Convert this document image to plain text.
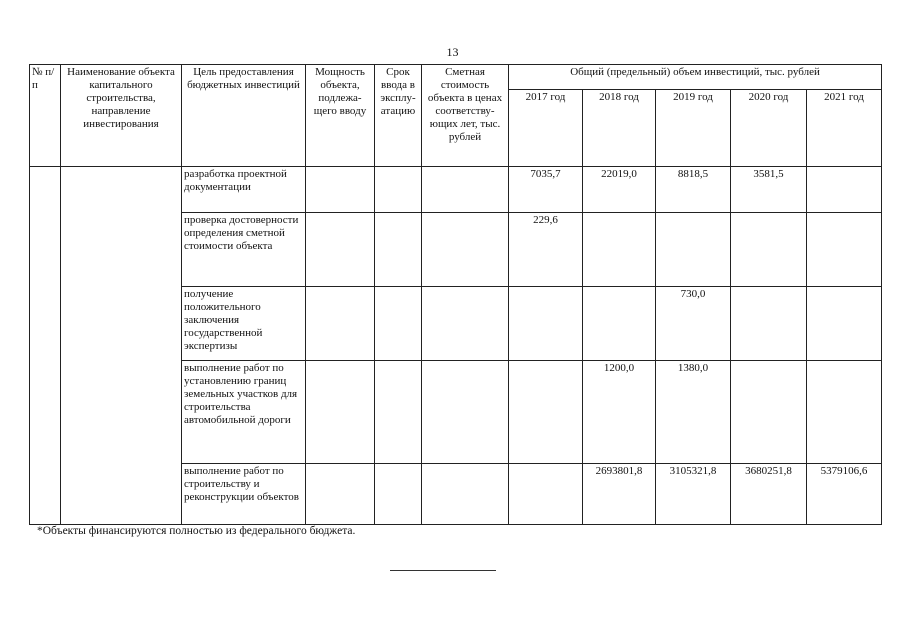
13
№ п/п	Наименование объекта капитального строительства, направление инвестирования	Цель предоставления бюджетных инвестиций	Мощность объекта, подлежа-щего вводу	Срок ввода в эксплу-атацию	Сметная стоимость объекта в ценах соответству-ющих лет, тыс. рублей	Общий (предельный) объем инвестиций, тыс. рублей				
						2017 год	2018 год	2019 год	2020 год	2021 год
		разработка проектной документации				7035,7	22019,0	8818,5	3581,5	
		проверка достоверности определения сметной стоимости объекта				229,6				
		получение положительного заключения государственной экспертизы						730,0		
		выполнение работ по установлению границ земельных участков для строительства автомобильной дороги					1200,0	1380,0		
		выполнение работ по строительству и реконструкции объектов					2693801,8	3105321,8	3680251,8	5379106,6
*Объекты финансируются полностью из федерального бюджета.
